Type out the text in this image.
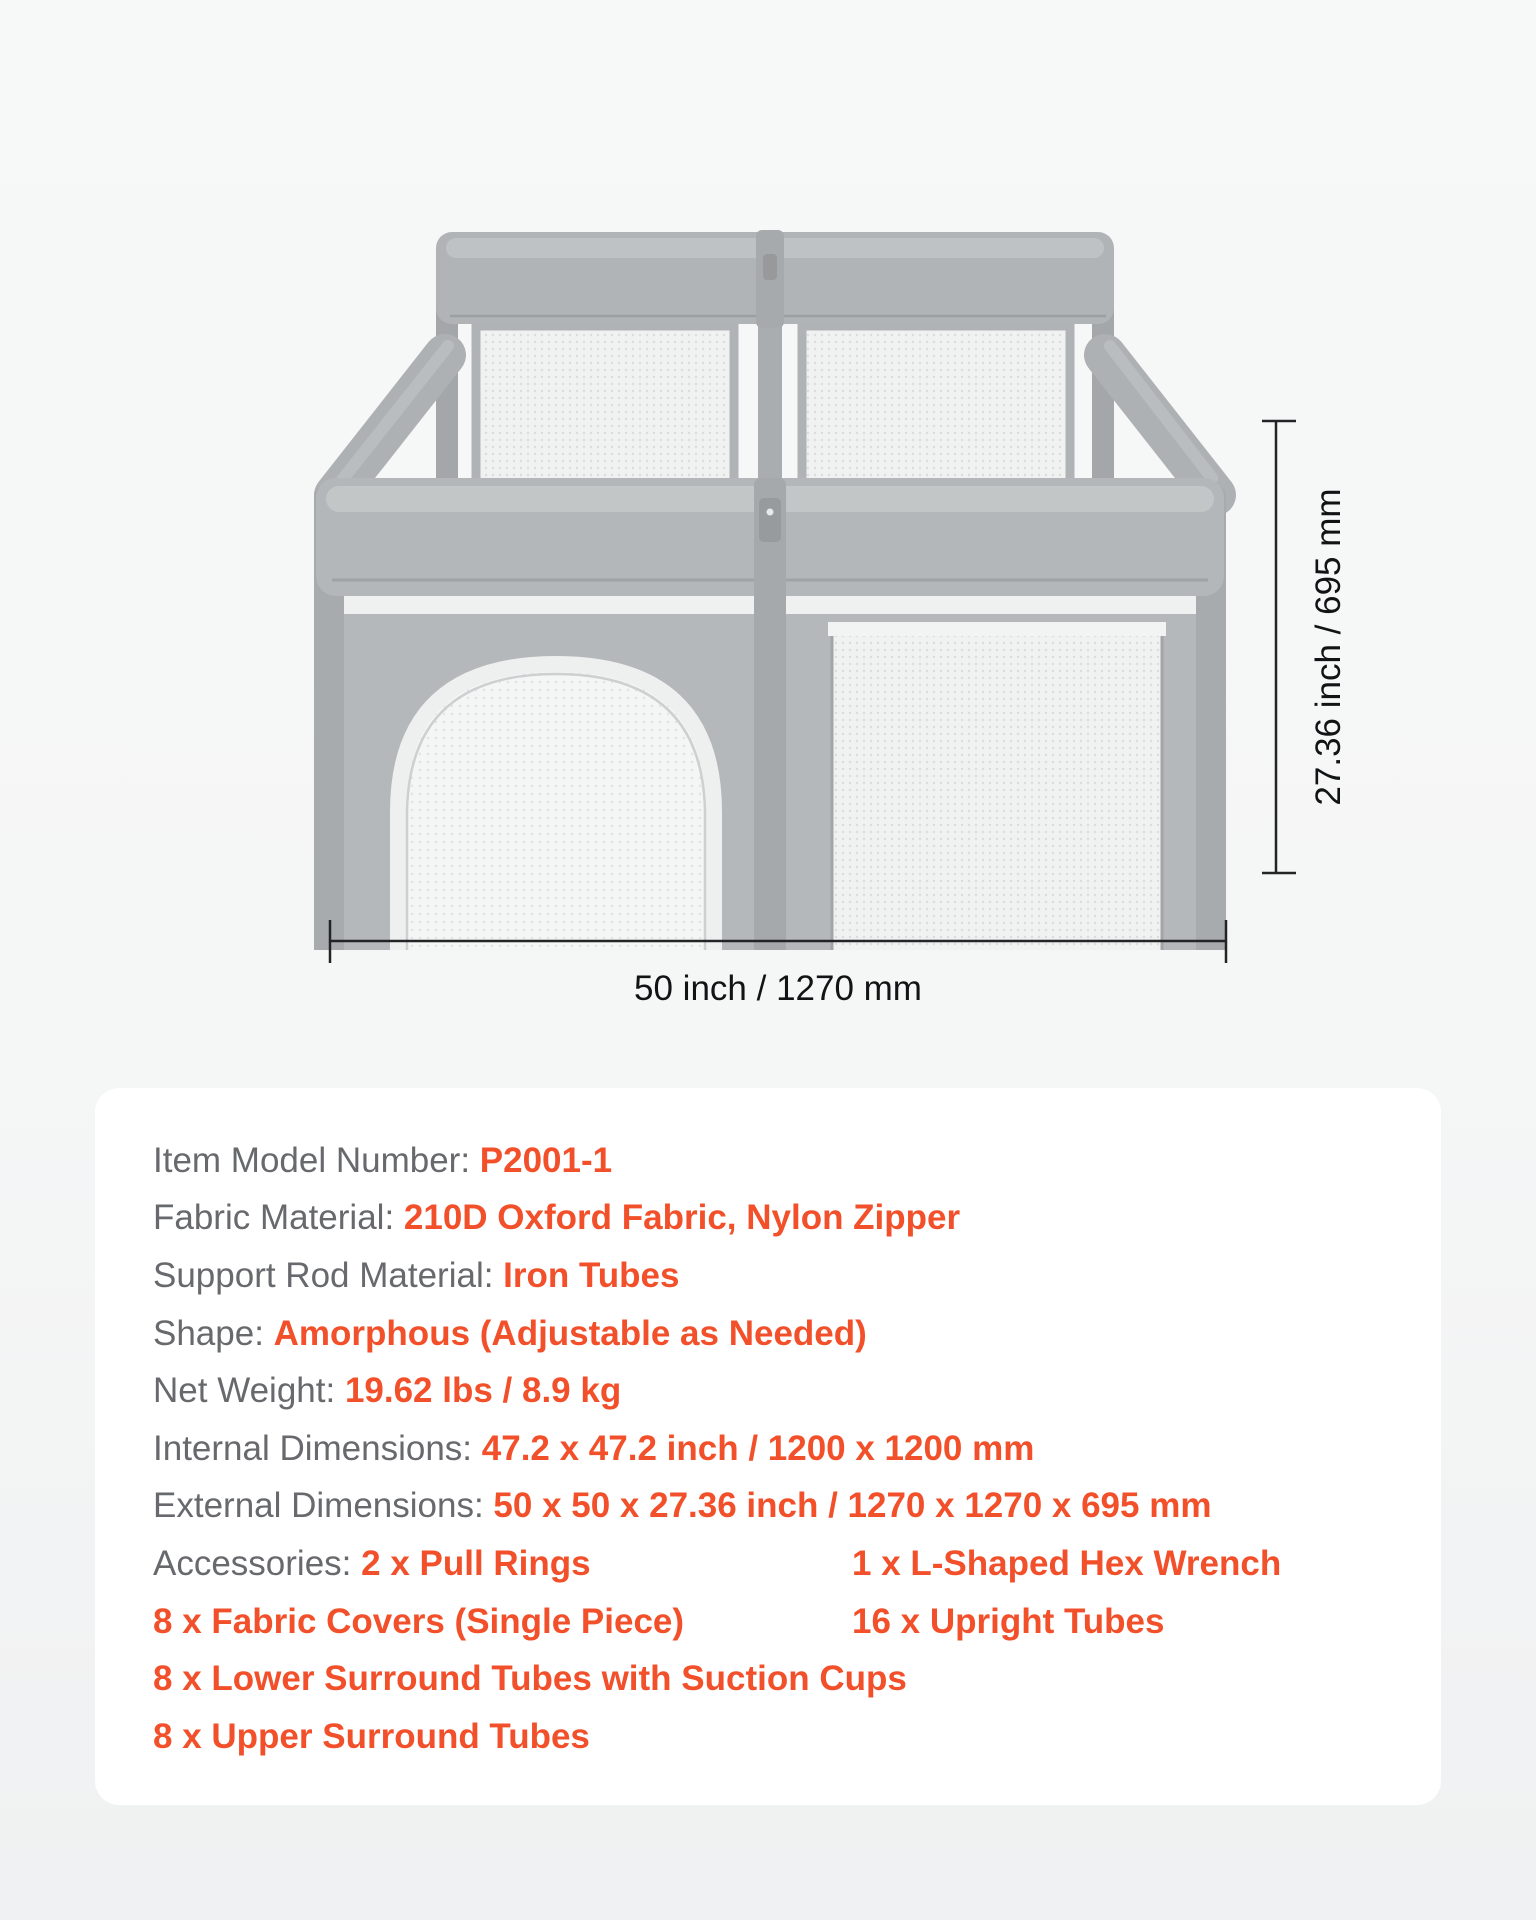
27.36 inch / 695 mm
50 inch / 1270 mm
Item Model Number: P2001-1
Fabric Material: 210D Oxford Fabric, Nylon Zipper
Support Rod Material: Iron Tubes
Shape: Amorphous (Adjustable as Needed)
Net Weight: 19.62 lbs / 8.9 kg
Internal Dimensions: 47.2 x 47.2 inch / 1200 x 1200 mm
External Dimensions: 50 x 50 x 27.36 inch / 1270 x 1270 x 695 mm
Accessories: 2 x Pull Rings	1 x L-Shaped Hex Wrench
8 x Fabric Covers (Single Piece)	16 x Upright Tubes
8 x Lower Surround Tubes with Suction Cups
8 x Upper Surround Tubes
